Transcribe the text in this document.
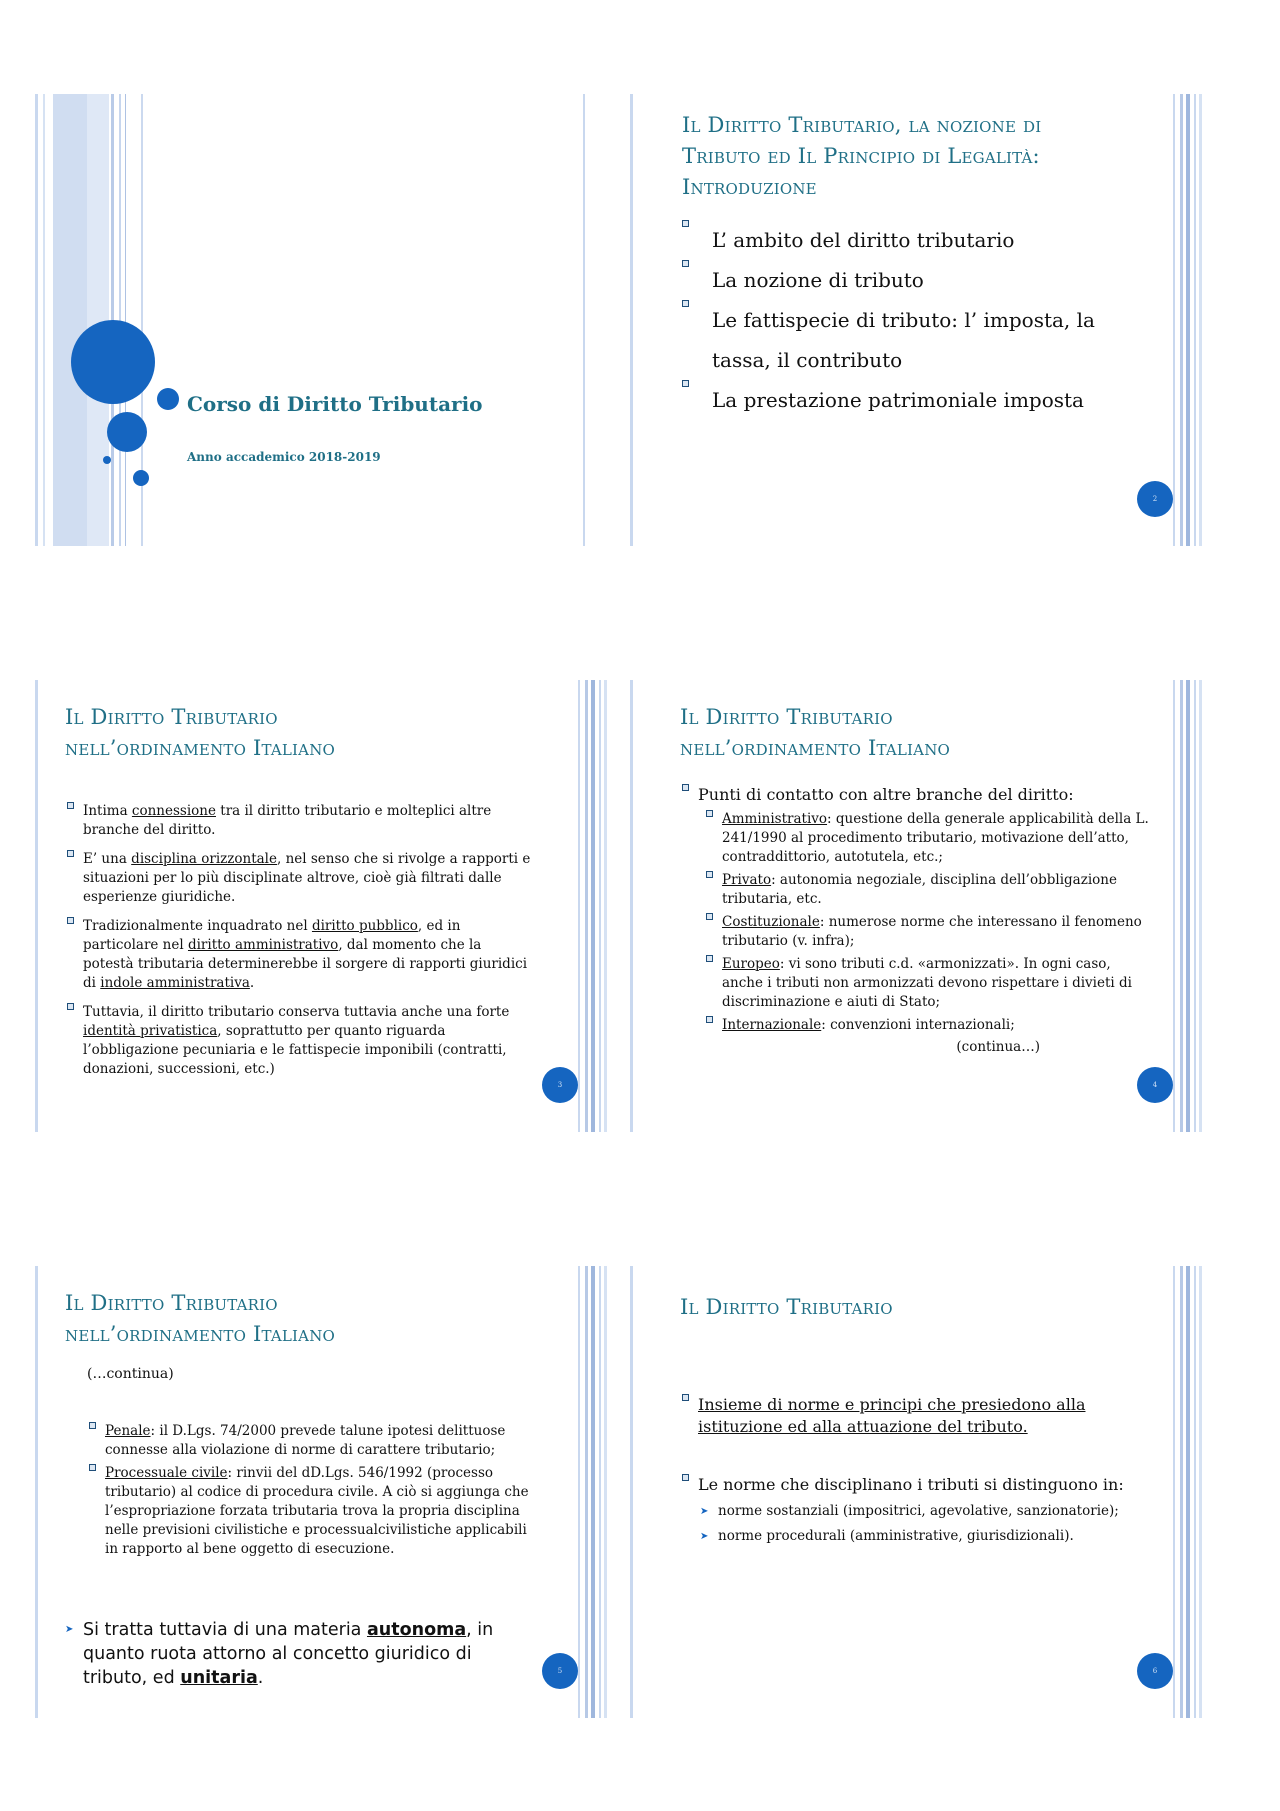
Corso di Diritto Tributario
Anno accademico 2018-2019
Il Diritto Tributario, la nozione di
Tributo ed Il Principio di Legalità:
Introduzione
L’ ambito del diritto tributario
La nozione di tributo
Le fattispecie di tributo: l’ imposta, la tassa, il contributo
La prestazione patrimoniale imposta
2
Il Diritto Tributario
nell’ordinamento Italiano
Intima connessione tra il diritto tributario e molteplici altre branche del diritto.
E’ una disciplina orizzontale, nel senso che si rivolge a rapporti e situazioni per lo più disciplinate altrove, cioè già filtrati dalle esperienze giuridiche.
Tradizionalmente inquadrato nel diritto pubblico, ed in particolare nel diritto amministrativo, dal momento che la potestà tributaria determinerebbe il sorgere di rapporti giuridici di indole amministrativa.
Tuttavia, il diritto tributario conserva tuttavia anche una forte identità privatistica, soprattutto per quanto riguarda l’obbligazione pecuniaria e le fattispecie imponibili (contratti, donazioni, successioni, etc.)
3
Il Diritto Tributario
nell’ordinamento Italiano
Punti di contatto con altre branche del diritto:
Amministrativo: questione della generale applicabilità della L. 241/1990 al procedimento tributario, motivazione dell’atto, contraddittorio, autotutela, etc.;
Privato: autonomia negoziale, disciplina dell’obbligazione tributaria, etc.
Costituzionale: numerose norme che interessano il fenomeno tributario (v. infra);
Europeo: vi sono tributi c.d. «armonizzati». In ogni caso, anche i tributi non armonizzati devono rispettare i divieti di discriminazione e aiuti di Stato;
Internazionale: convenzioni internazionali;
(continua…)
4
Il Diritto Tributario
nell’ordinamento Italiano
(…continua)
Penale: il D.Lgs. 74/2000 prevede talune ipotesi delittuose connesse alla violazione di norme di carattere tributario;
Processuale civile: rinvii del dD.Lgs. 546/1992 (processo tributario) al codice di procedura civile. A ciò si aggiunga che l’espropriazione forzata tributaria trova la propria disciplina nelle previsioni civilistiche e processualcivilistiche applicabili in rapporto al bene oggetto di esecuzione.
➤ Si tratta tuttavia di una materia autonoma, in quanto ruota attorno al concetto giuridico di tributo, ed unitaria.	5
Il Diritto Tributario
Insieme di norme e principi che presiedono alla istituzione ed alla attuazione del tributo.
Le norme che disciplinano i tributi si distinguono in:
➤ norme sostanziali (impositrici, agevolative, sanzionatorie);
➤ norme procedurali (amministrative, giurisdizionali).
6
